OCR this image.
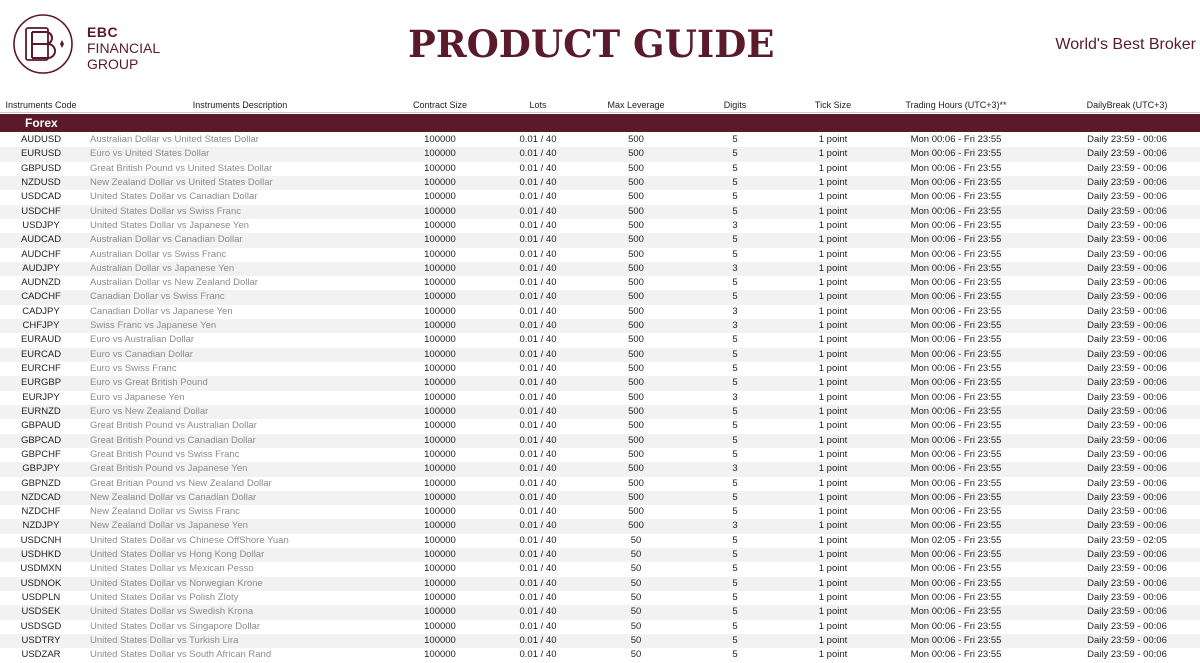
EBC
FINANCIAL
GROUP	PRODUCT GUIDE	World's Best Broker
Instruments Code	Instruments Description	Contract Size	Lots	Max Leverage	Digits	Tick Size	Trading Hours (UTC+3)**	DailyBreak (UTC+3)
Forex
AUDUSD	Australian Dollar vs United States Dollar	100000	0.01 / 40	500	5	1 point	Mon 00:06 - Fri 23:55	Daily 23:59 - 00:06
EURUSD	Euro vs United States Dollar	100000	0.01 / 40	500	5	1 point	Mon 00:06 - Fri 23:55	Daily 23:59 - 00:06
GBPUSD	Great British Pound vs United States Dollar	100000	0.01 / 40	500	5	1 point	Mon 00:06 - Fri 23:55	Daily 23:59 - 00:06
NZDUSD	New Zealand Dollar vs United States Dollar	100000	0.01 / 40	500	5	1 point	Mon 00:06 - Fri 23:55	Daily 23:59 - 00:06
USDCAD	United States Dollar vs Canadian Dollar	100000	0.01 / 40	500	5	1 point	Mon 00:06 - Fri 23:55	Daily 23:59 - 00:06
USDCHF	United States Dollar vs Swiss Franc	100000	0.01 / 40	500	5	1 point	Mon 00:06 - Fri 23:55	Daily 23:59 - 00:06
USDJPY	United States Dollar vs Japanese Yen	100000	0.01 / 40	500	3	1 point	Mon 00:06 - Fri 23:55	Daily 23:59 - 00:06
AUDCAD	Australian Dollar vs Canadian Dollar	100000	0.01 / 40	500	5	1 point	Mon 00:06 - Fri 23:55	Daily 23:59 - 00:06
AUDCHF	Australian Dollar vs Swiss Franc	100000	0.01 / 40	500	5	1 point	Mon 00:06 - Fri 23:55	Daily 23:59 - 00:06
AUDJPY	Australian Dollar vs Japanese Yen	100000	0.01 / 40	500	3	1 point	Mon 00:06 - Fri 23:55	Daily 23:59 - 00:06
AUDNZD	Australian Dollar vs New Zealand Dollar	100000	0.01 / 40	500	5	1 point	Mon 00:06 - Fri 23:55	Daily 23:59 - 00:06
CADCHF	Canadian Dollar vs Swiss Franc	100000	0.01 / 40	500	5	1 point	Mon 00:06 - Fri 23:55	Daily 23:59 - 00:06
CADJPY	Canadian Dollar vs Japanese Yen	100000	0.01 / 40	500	3	1 point	Mon 00:06 - Fri 23:55	Daily 23:59 - 00:06
CHFJPY	Swiss Franc vs Japanese Yen	100000	0.01 / 40	500	3	1 point	Mon 00:06 - Fri 23:55	Daily 23:59 - 00:06
EURAUD	Euro vs Australian Dollar	100000	0.01 / 40	500	5	1 point	Mon 00:06 - Fri 23:55	Daily 23:59 - 00:06
EURCAD	Euro vs Canadian Dollar	100000	0.01 / 40	500	5	1 point	Mon 00:06 - Fri 23:55	Daily 23:59 - 00:06
EURCHF	Euro vs Swiss Franc	100000	0.01 / 40	500	5	1 point	Mon 00:06 - Fri 23:55	Daily 23:59 - 00:06
EURGBP	Euro vs Great British Pound	100000	0.01 / 40	500	5	1 point	Mon 00:06 - Fri 23:55	Daily 23:59 - 00:06
EURJPY	Euro vs Japanese Yen	100000	0.01 / 40	500	3	1 point	Mon 00:06 - Fri 23:55	Daily 23:59 - 00:06
EURNZD	Euro vs New Zealand Dollar	100000	0.01 / 40	500	5	1 point	Mon 00:06 - Fri 23:55	Daily 23:59 - 00:06
GBPAUD	Great British Pound vs Australian Dollar	100000	0.01 / 40	500	5	1 point	Mon 00:06 - Fri 23:55	Daily 23:59 - 00:06
GBPCAD	Great British Pound vs Canadian Dollar	100000	0.01 / 40	500	5	1 point	Mon 00:06 - Fri 23:55	Daily 23:59 - 00:06
GBPCHF	Great British Pound vs Swiss Franc	100000	0.01 / 40	500	5	1 point	Mon 00:06 - Fri 23:55	Daily 23:59 - 00:06
GBPJPY	Great British Pound vs Japanese Yen	100000	0.01 / 40	500	3	1 point	Mon 00:06 - Fri 23:55	Daily 23:59 - 00:06
GBPNZD	Great Britian Pound vs New Zealand Dollar	100000	0.01 / 40	500	5	1 point	Mon 00:06 - Fri 23:55	Daily 23:59 - 00:06
NZDCAD	New Zealand Dollar vs Canadian Dollar	100000	0.01 / 40	500	5	1 point	Mon 00:06 - Fri 23:55	Daily 23:59 - 00:06
NZDCHF	New Zealand Dollar vs Swiss Franc	100000	0.01 / 40	500	5	1 point	Mon 00:06 - Fri 23:55	Daily 23:59 - 00:06
NZDJPY	New Zealand Dollar vs Japanese Yen	100000	0.01 / 40	500	3	1 point	Mon 00:06 - Fri 23:55	Daily 23:59 - 00:06
USDCNH	United States Dollar vs Chinese OffShore Yuan	100000	0.01 / 40	50	5	1 point	Mon 02:05 - Fri 23:55	Daily 23:59 - 02:05
USDHKD	United States Dollar vs Hong Kong Dollar	100000	0.01 / 40	50	5	1 point	Mon 00:06 - Fri 23:55	Daily 23:59 - 00:06
USDMXN	United States Dollar vs Mexican Pesso	100000	0.01 / 40	50	5	1 point	Mon 00:06 - Fri 23:55	Daily 23:59 - 00:06
USDNOK	United States Dollar vs Norwegian Krone	100000	0.01 / 40	50	5	1 point	Mon 00:06 - Fri 23:55	Daily 23:59 - 00:06
USDPLN	United States Dollar vs Polish Zloty	100000	0.01 / 40	50	5	1 point	Mon 00:06 - Fri 23:55	Daily 23:59 - 00:06
USDSEK	United States Dollar vs Swedish Krona	100000	0.01 / 40	50	5	1 point	Mon 00:06 - Fri 23:55	Daily 23:59 - 00:06
USDSGD	United States Dollar vs Singapore Dollar	100000	0.01 / 40	50	5	1 point	Mon 00:06 - Fri 23:55	Daily 23:59 - 00:06
USDTRY	United States Dollar vs Turkish Lira	100000	0.01 / 40	50	5	1 point	Mon 00:06 - Fri 23:55	Daily 23:59 - 00:06
USDZAR	United States Dollar vs South African Rand	100000	0.01 / 40	50	5	1 point	Mon 00:06 - Fri 23:55	Daily 23:59 - 00:06
